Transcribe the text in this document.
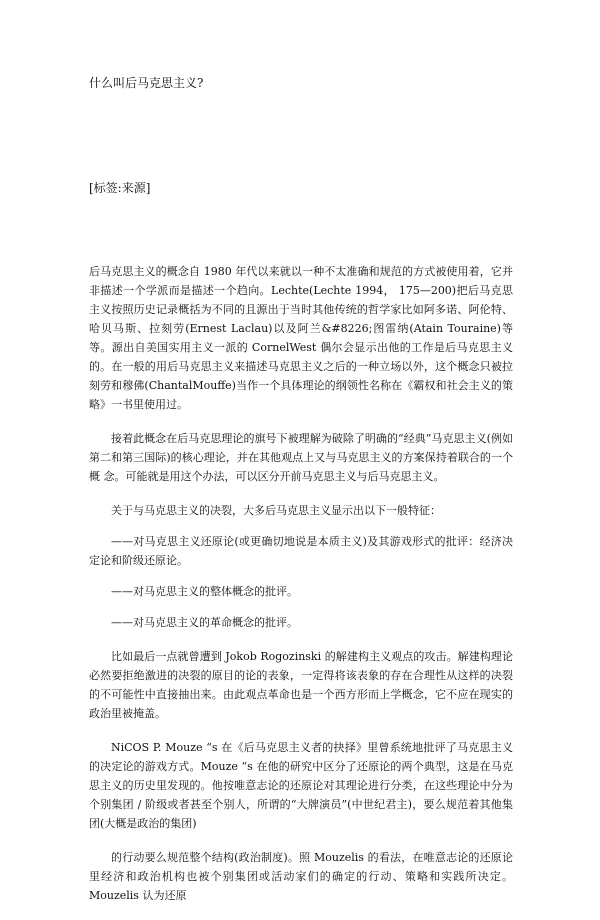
什么叫后马克思主义?
[标签:来源]

后马克思主义的概念自 1980 年代以来就以一种不太准确和规范的方式被使用着，它并 非描述一个学派而是描述一个趋向。Lechte(Lechte 1994， 175—200)把后马克思主义按照历史记录概括为不同的且源出于当时其他传统的哲学家比如阿多诺、阿伦特、哈贝马斯、拉刻劳(Ernest Laclau)以及阿兰&#8226;图雷纳(Atain Touraine)等等。源出自美国实用主义一派的 CornelWest 偶尔会显示出他的工作是后马克思主义的。在一般的用后马克思主义来描述马克思主义之后的一种立场以外，这个概念只被拉刻劳和穆佛(ChantalMouffe)当作一个具体理论的纲领性名称在《霸权和社会主义的策略》一书里使用过。

接着此概念在后马克思理论的旗号下被理解为破除了明确的“经典”马克思主义(例如 第二和第三国际)的核心理论，并在其他观点上又与马克思主义的方案保持着联合的一个概 念。可能就是用这个办法，可以区分开前马克思主义与后马克思主义。

关于与马克思主义的决裂，大多后马克思主义显示出以下一般特征：

——对马克思主义还原论(或更确切地说是本质主义)及其游戏形式的批评：经济决定论和阶级还原论。

——对马克思主义的整体概念的批评。

——对马克思主义的革命概念的批评。

比如最后一点就曾遭到 Jokob Rogozinski 的解建构主义观点的攻击。解建构理论必然要拒绝激进的决裂的原目的论的表象，一定得将该表象的存在合理性从这样的决裂的不可能性中直接抽出来。由此观点革命也是一个西方形而上学概念，它不应在现实的政治里被掩盖。

NiCOS P. Mouze “s 在《后马克思主义者的抉择》里曾系统地批评了马克思主义的决定论的游戏方式。Mouze “s 在他的研究中区分了还原论的两个典型，这是在马克思主义的历史里发现的。他按唯意志论的还原论对其理论进行分类，在这些理论中分为个别集团 / 阶级或者甚至个别人，所谓的“大牌演员”(中世纪君主)，要么规范着其他集团(大概是政治的集团)

的行动要么规范整个结构(政治制度)。照 Mouzelis 的看法，在唯意志论的还原论里经济和政治机构也被个别集团或活动家们的确定的行动、策略和实践所决定。Mouzelis 认为还原
